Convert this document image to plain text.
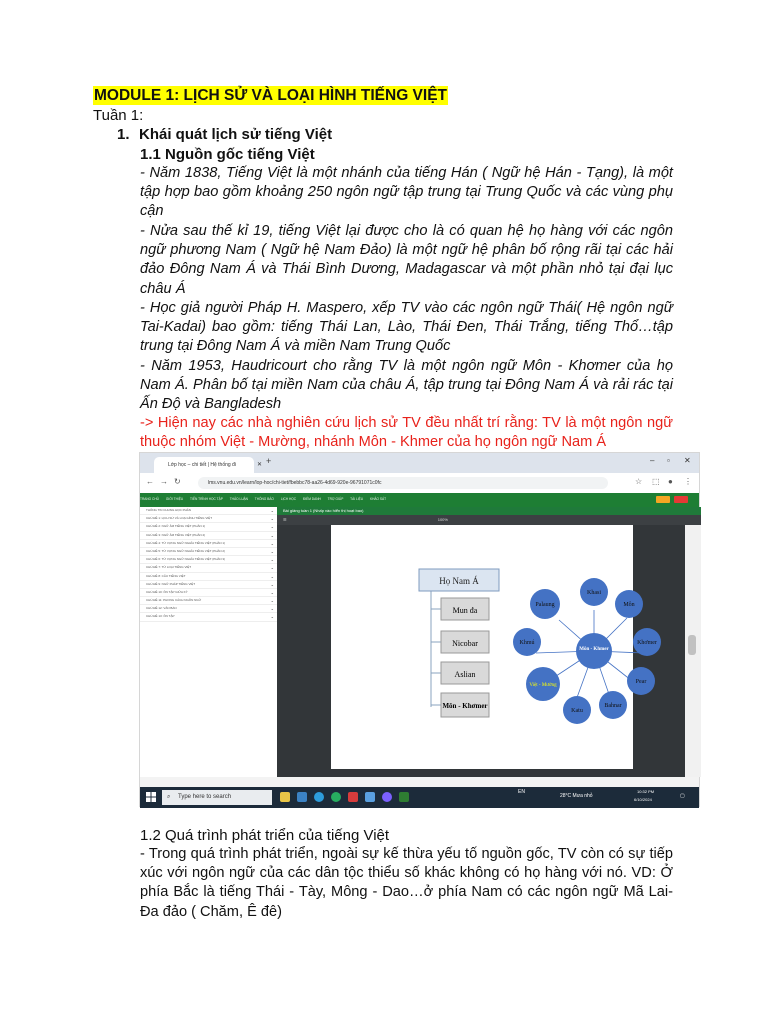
MODULE 1: LỊCH SỬ VÀ LOẠI HÌNH TIẾNG VIỆT
Tuần 1:
1. Khái quát lịch sử tiếng Việt
1.1 Nguồn gốc tiếng Việt
- Năm 1838, Tiếng Việt là một nhánh của tiếng Hán ( Ngữ hệ Hán - Tạng), là một tập hợp bao gồm khoảng 250 ngôn ngữ tập trung tại Trung Quốc và các vùng phụ cận
- Nửa sau thế kỉ 19, tiếng Việt lại được cho là có quan hệ họ hàng với các ngôn ngữ phương Nam ( Ngữ hệ Nam Đảo) là một ngữ hệ phân bố rộng rãi tại các hải đảo Đông Nam Á và Thái Bình Dương, Madagascar và một phần nhỏ tại đại lục châu Á
- Học giả người Pháp H. Maspero, xếp TV vào các ngôn ngữ Thái( Hệ ngôn ngữ Tai-Kadai) bao gồm: tiếng Thái Lan, Lào, Thái Đen, Thái Trắng, tiếng Thổ…tập trung tại Đông Nam Á và miền Nam Trung Quốc
- Năm 1953, Haudricourt cho rằng TV là một ngôn ngữ Môn - Khơmer của họ Nam Á. Phân bố tại miền Nam của châu Á, tập trung tại Đông Nam Á và rải rác tại Ấn Độ và Bangladesh
-> Hiện nay các nhà nghiên cứu lịch sử TV đều nhất trí rằng: TV là một ngôn ngữ thuộc nhóm Việt - Mường, nhánh Môn - Khmer của họ ngôn ngữ Nam Á
Lớp học – chi tiết | Hệ thống đi	✕ +	– ▫ ✕
← → ↻	lms.vnu.edu.vn/learn/lop-hoc/chi-tiet/fbebbc78-aa26-4d69-920e-96791071c0fc	☆ ⬚ ● ⋮
TRANG CHỦ GIỚI THIỆU TIẾN TRÌNH HỌC TẬP THẢO LUẬN THÔNG BÁO LỊCH HỌC ĐIỂM DANH TRỢ GIÚP TÀI LIỆU KHẢO SÁT
THÔNG TIN CHUNG HỌC PHẦN	⌄
CHỦ ĐỀ 1: LỊCH SỬ VÀ LOẠI HÌNH TIẾNG VIỆT	⌄
CHỦ ĐỀ 2: NGỮ ÂM TIẾNG VIỆT (PHẦN 1)	⌄
CHỦ ĐỀ 3: NGỮ ÂM TIẾNG VIỆT (PHẦN 2)	⌄
CHỦ ĐỀ 4: TỪ VỰNG NGỮ NGHĨA TIẾNG VIỆT (PHẦN 1)	⌄
CHỦ ĐỀ 5: TỪ VỰNG NGỮ NGHĨA TIẾNG VIỆT (PHẦN 2)	⌄
CHỦ ĐỀ 6: TỪ VỰNG NGỮ NGHĨA TIẾNG VIỆT (PHẦN 3)	⌄
CHỦ ĐỀ 7: TỪ LOẠI TIẾNG VIỆT	⌄
CHỦ ĐỀ 8: CÂU TIẾNG VIỆT	⌄
CHỦ ĐỀ 9: NGỮ PHÁP TIẾNG VIỆT	⌄
CHỦ ĐỀ 10: ÔN TẬP GIỮA KỲ	⌄
CHỦ ĐỀ 11: PHONG CÁCH NGÔN NGỮ	⌄
CHỦ ĐỀ 12: VĂN BẢN	⌄
CHỦ ĐỀ 13: ÔN TẬP	⌄
Bài giảng tuần 1 (Nhấp vào hiển thị hoạt bao)
☰	100%
Họ Nam Á
Mun đa
Nicobar
Aslian
Môn - Khơmer
Môn - Khmer
Khasi
Môn
Khơmer
Pear
Bahnar
Katu
Việt - Mường
Khmú
Palaung
⌕ Type here to search
EN
28°C Mưa nhỏ
10:32 PM
6/10/2024
▢
1.2 Quá trình phát triển của tiếng Việt
- Trong quá trình phát triển, ngoài sự kế thừa yếu tố nguồn gốc, TV còn có sự tiếp xúc với ngôn ngữ của các dân tộc thiểu số khác không có họ hàng với nó. VD: Ở phía Bắc là tiếng Thái - Tày, Mông - Dao…ở phía Nam có các ngôn ngữ Mã Lai- Đa đảo ( Chăm, Ê đê)
